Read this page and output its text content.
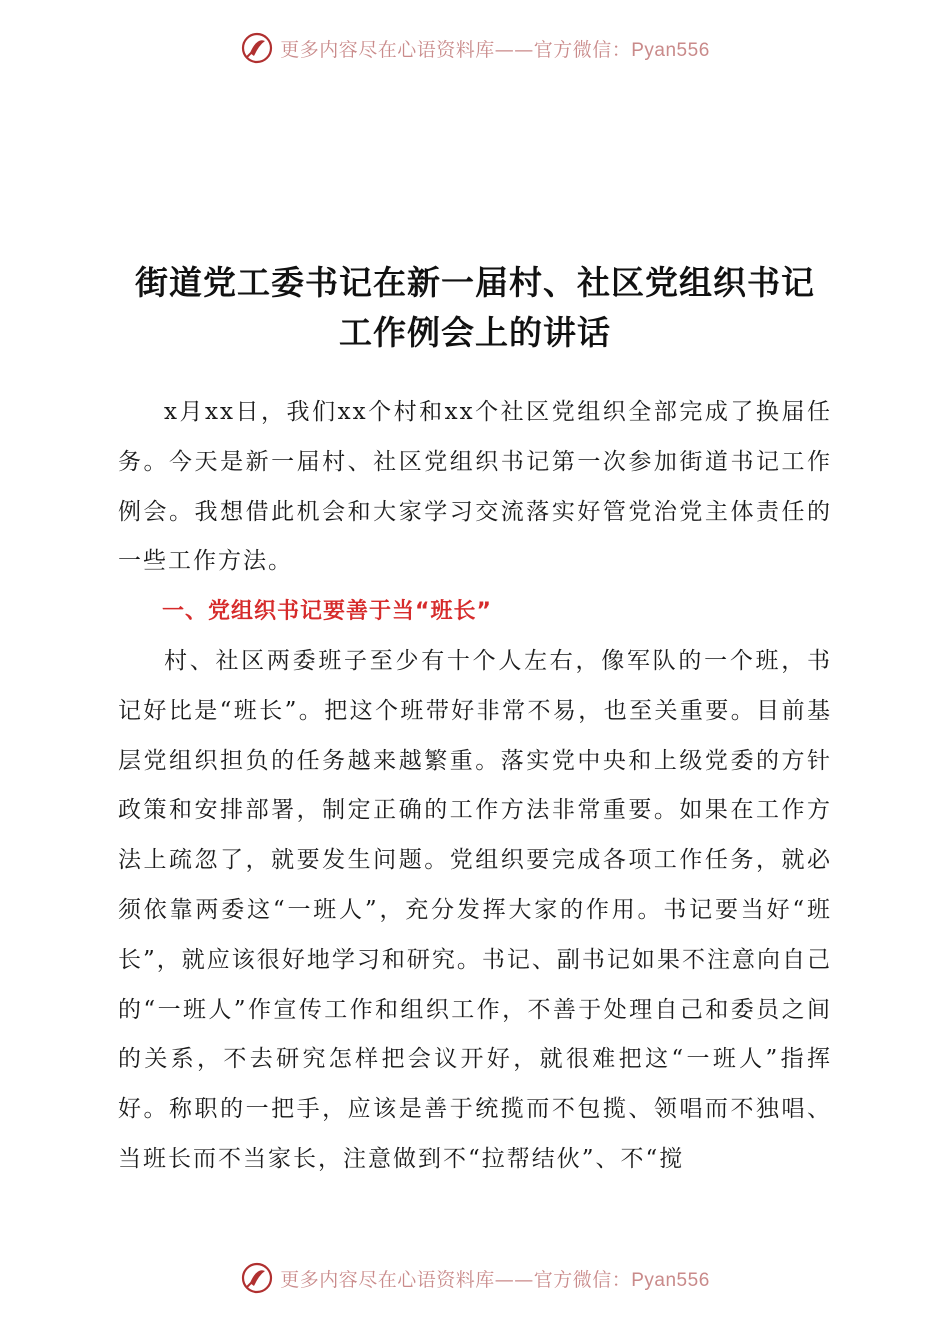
更多内容尽在心语资料库——官方微信：Pyan556
街道党工委书记在新一届村、社区党组织书记
工作例会上的讲话

x月xx日，我们xx个村和xx个社区党组织全部完成了换届任务。今天是新一届村、社区党组织书记第一次参加街道书记工作例会。我想借此机会和大家学习交流落实好管党治党主体责任的一些工作方法。

一、党组织书记要善于当“班长”

村、社区两委班子至少有十个人左右，像军队的一个班，书记好比是“班长”。把这个班带好非常不易，也至关重要。目前基层党组织担负的任务越来越繁重。落实党中央和上级党委的方针政策和安排部署，制定正确的工作方法非常重要。如果在工作方法上疏忽了，就要发生问题。党组织要完成各项工作任务，就必须依靠两委这“一班人”，充分发挥大家的作用。书记要当好“班长”，就应该很好地学习和研究。书记、副书记如果不注意向自己的“一班人”作宣传工作和组织工作，不善于处理自己和委员之间的关系，不去研究怎样把会议开好，就很难把这“一班人”指挥好。称职的一把手，应该是善于统揽而不包揽、领唱而不独唱、当班长而不当家长，注意做到不“拉帮结伙”、不“搅

更多内容尽在心语资料库——官方微信：Pyan556
